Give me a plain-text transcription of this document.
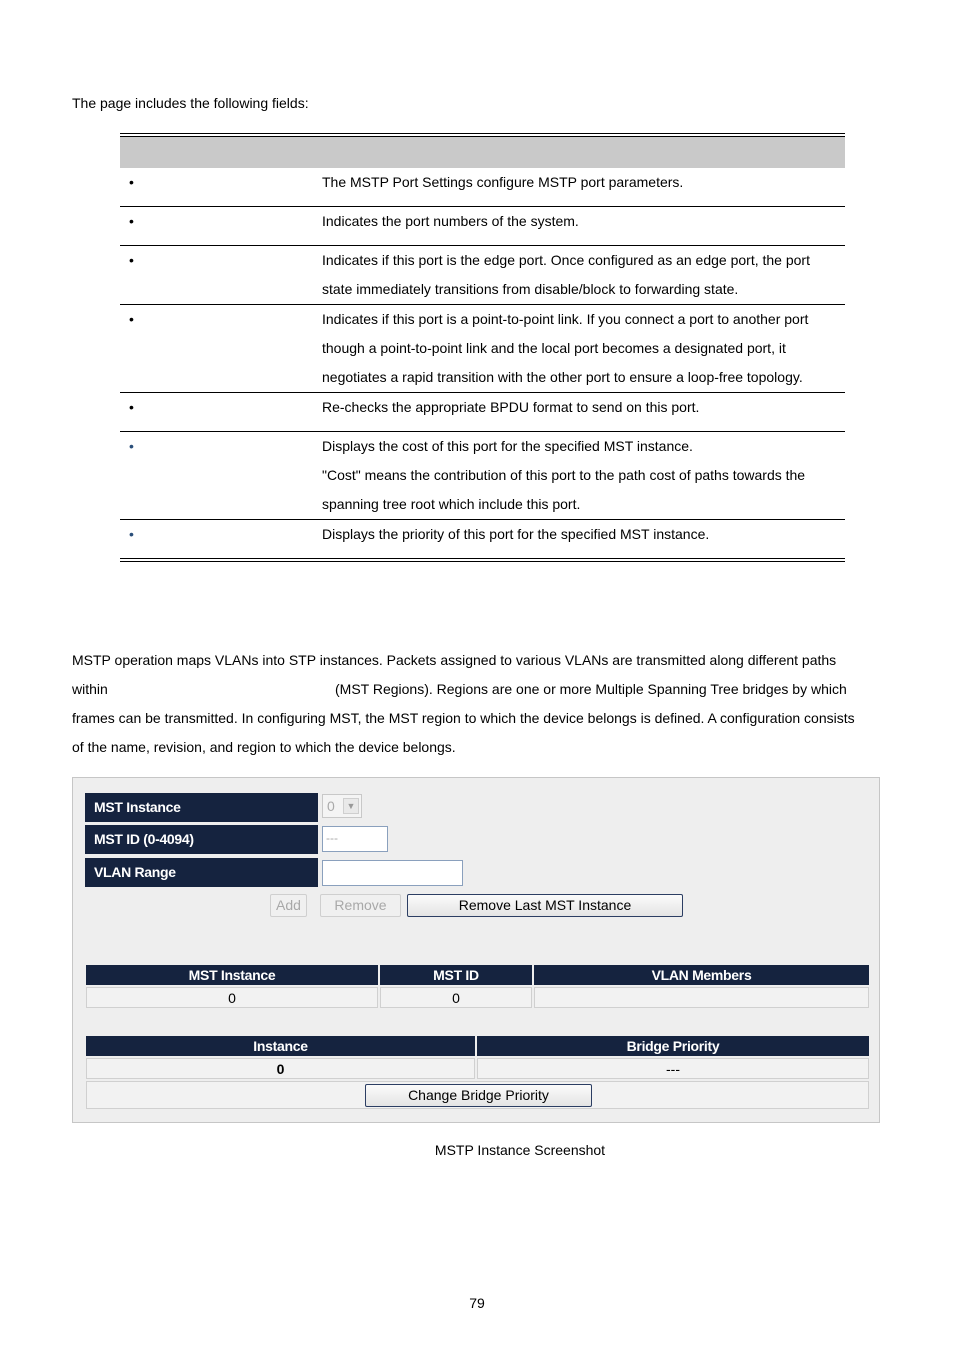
The page includes the following fields:
•	The MSTP Port Settings configure MSTP port parameters.
•	Indicates the port numbers of the system.
•	Indicates if this port is the edge port. Once configured as an edge port, the port
state immediately transitions from disable/block to forwarding state.
•	Indicates if this port is a point-to-point link. If you connect a port to another port
though a point-to-point link and the local port becomes a designated port, it
negotiates a rapid transition with the other port to ensure a loop-free topology.
•	Re-checks the appropriate BPDU format to send on this port.
•	Displays the cost of this port for the specified MST instance.
"Cost" means the contribution of this port to the path cost of paths towards the
spanning tree root which include this port.
•	Displays the priority of this port for the specified MST instance.
MSTP operation maps VLANs into STP instances. Packets assigned to various VLANs are transmitted along different paths
within	(MST Regions). Regions are one or more Multiple Spanning Tree bridges by which
frames can be transmitted. In configuring MST, the MST region to which the device belongs is defined. A configuration consists
of the name, revision, and region to which the device belongs.
MST Instance	0	▼
MST ID (0-4094)	---
VLAN Range
Add	Remove	Remove Last MST Instance
MST Instance	MST ID	VLAN Members
0	0	
Instance	Bridge Priority
0	---

Change Bridge Priority	
MSTP Instance Screenshot
79
